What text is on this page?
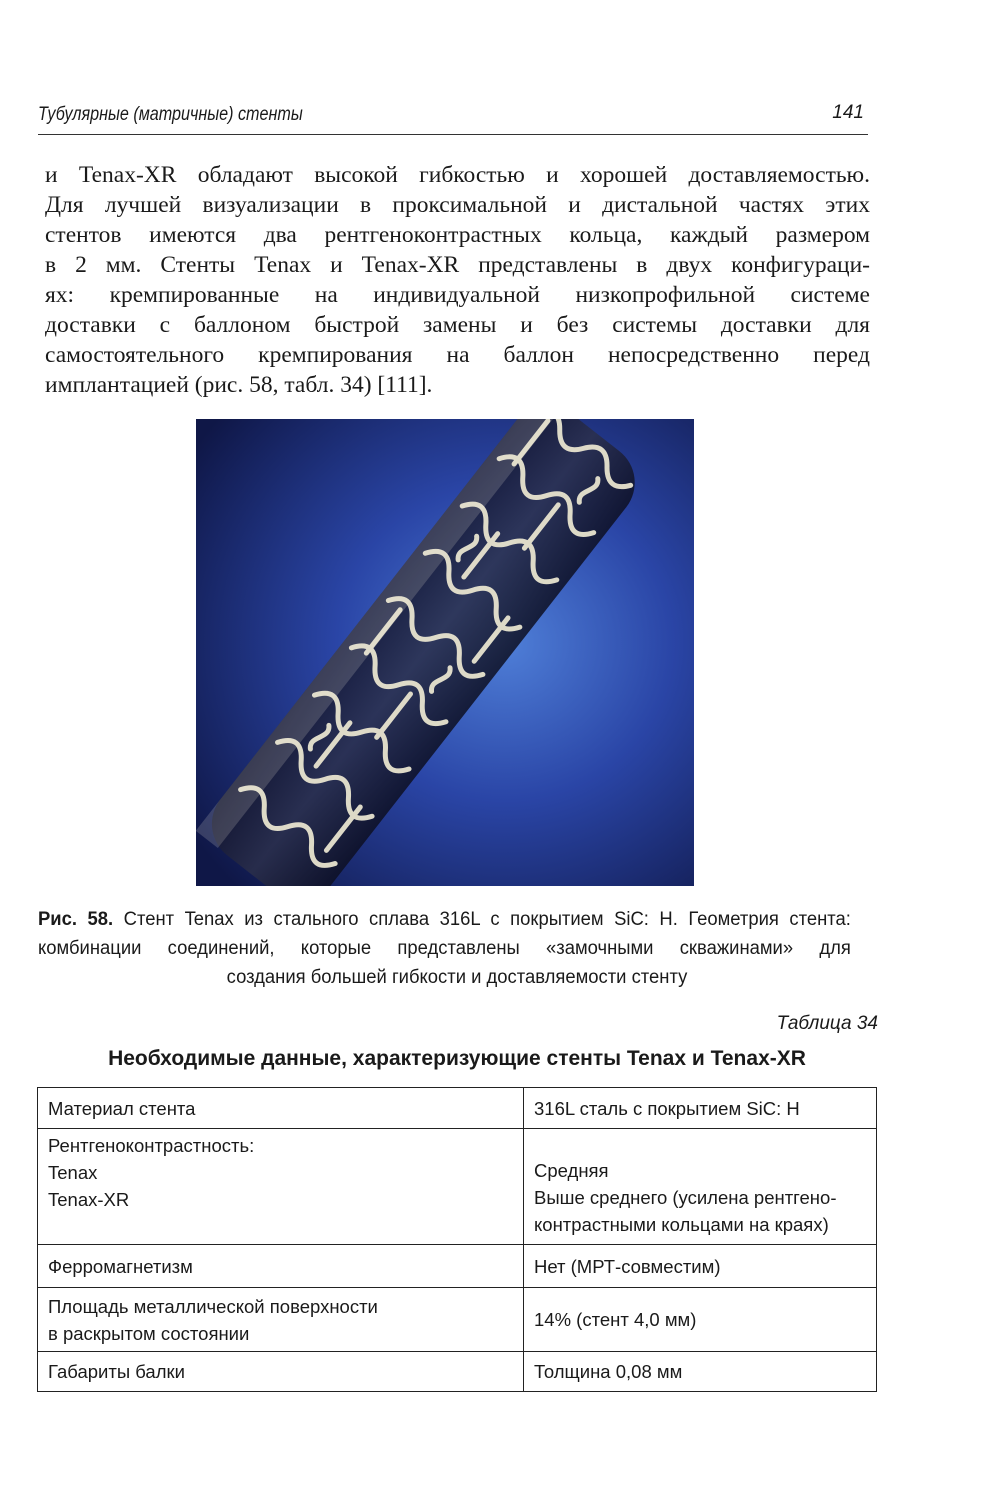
Тубулярные (матричные) стенты	141

и Tenax-XR обладают высокой гибкостью и хорошей доставляемостью.
Для лучшей визуализации в проксимальной и дистальной частях этих
стентов имеются два рентгеноконтрастных кольца, каждый размером
в 2 мм. Стенты Tenax и Tenax-XR представлены в двух конфигураци-
ях: кремпированные на индивидуальной низкопрофильной системе
доставки с баллоном быстрой замены и без системы доставки для
самостоятельного кремпирования на баллон непосредственно перед
имплантацией (рис. 58, табл. 34) [111].

Рис. 58. Стент Tenax из стального сплава 316L с покрытием SiC: H. Геометрия стента:
комбинации соединений, которые представлены «замочными скважинами» для
создания большей гибкости и доставляемости стенту

Таблица 34
Необходимые данные, характеризующие стенты Tenax и Tenax-XR
Материал стента	316L сталь с покрытием SiC: H

Рентгеноконтрастность:
Tenax
Tenax-XR	Средняя
Выше среднего (усилена рентгено-
контрастными кольцами на краях)

Ферромагнетизм	Нет (МРТ-совместим)

Площадь металлической поверхности
в раскрытом состоянии	14% (стент 4,0 мм)

Габариты балки	Толщина 0,08 мм
